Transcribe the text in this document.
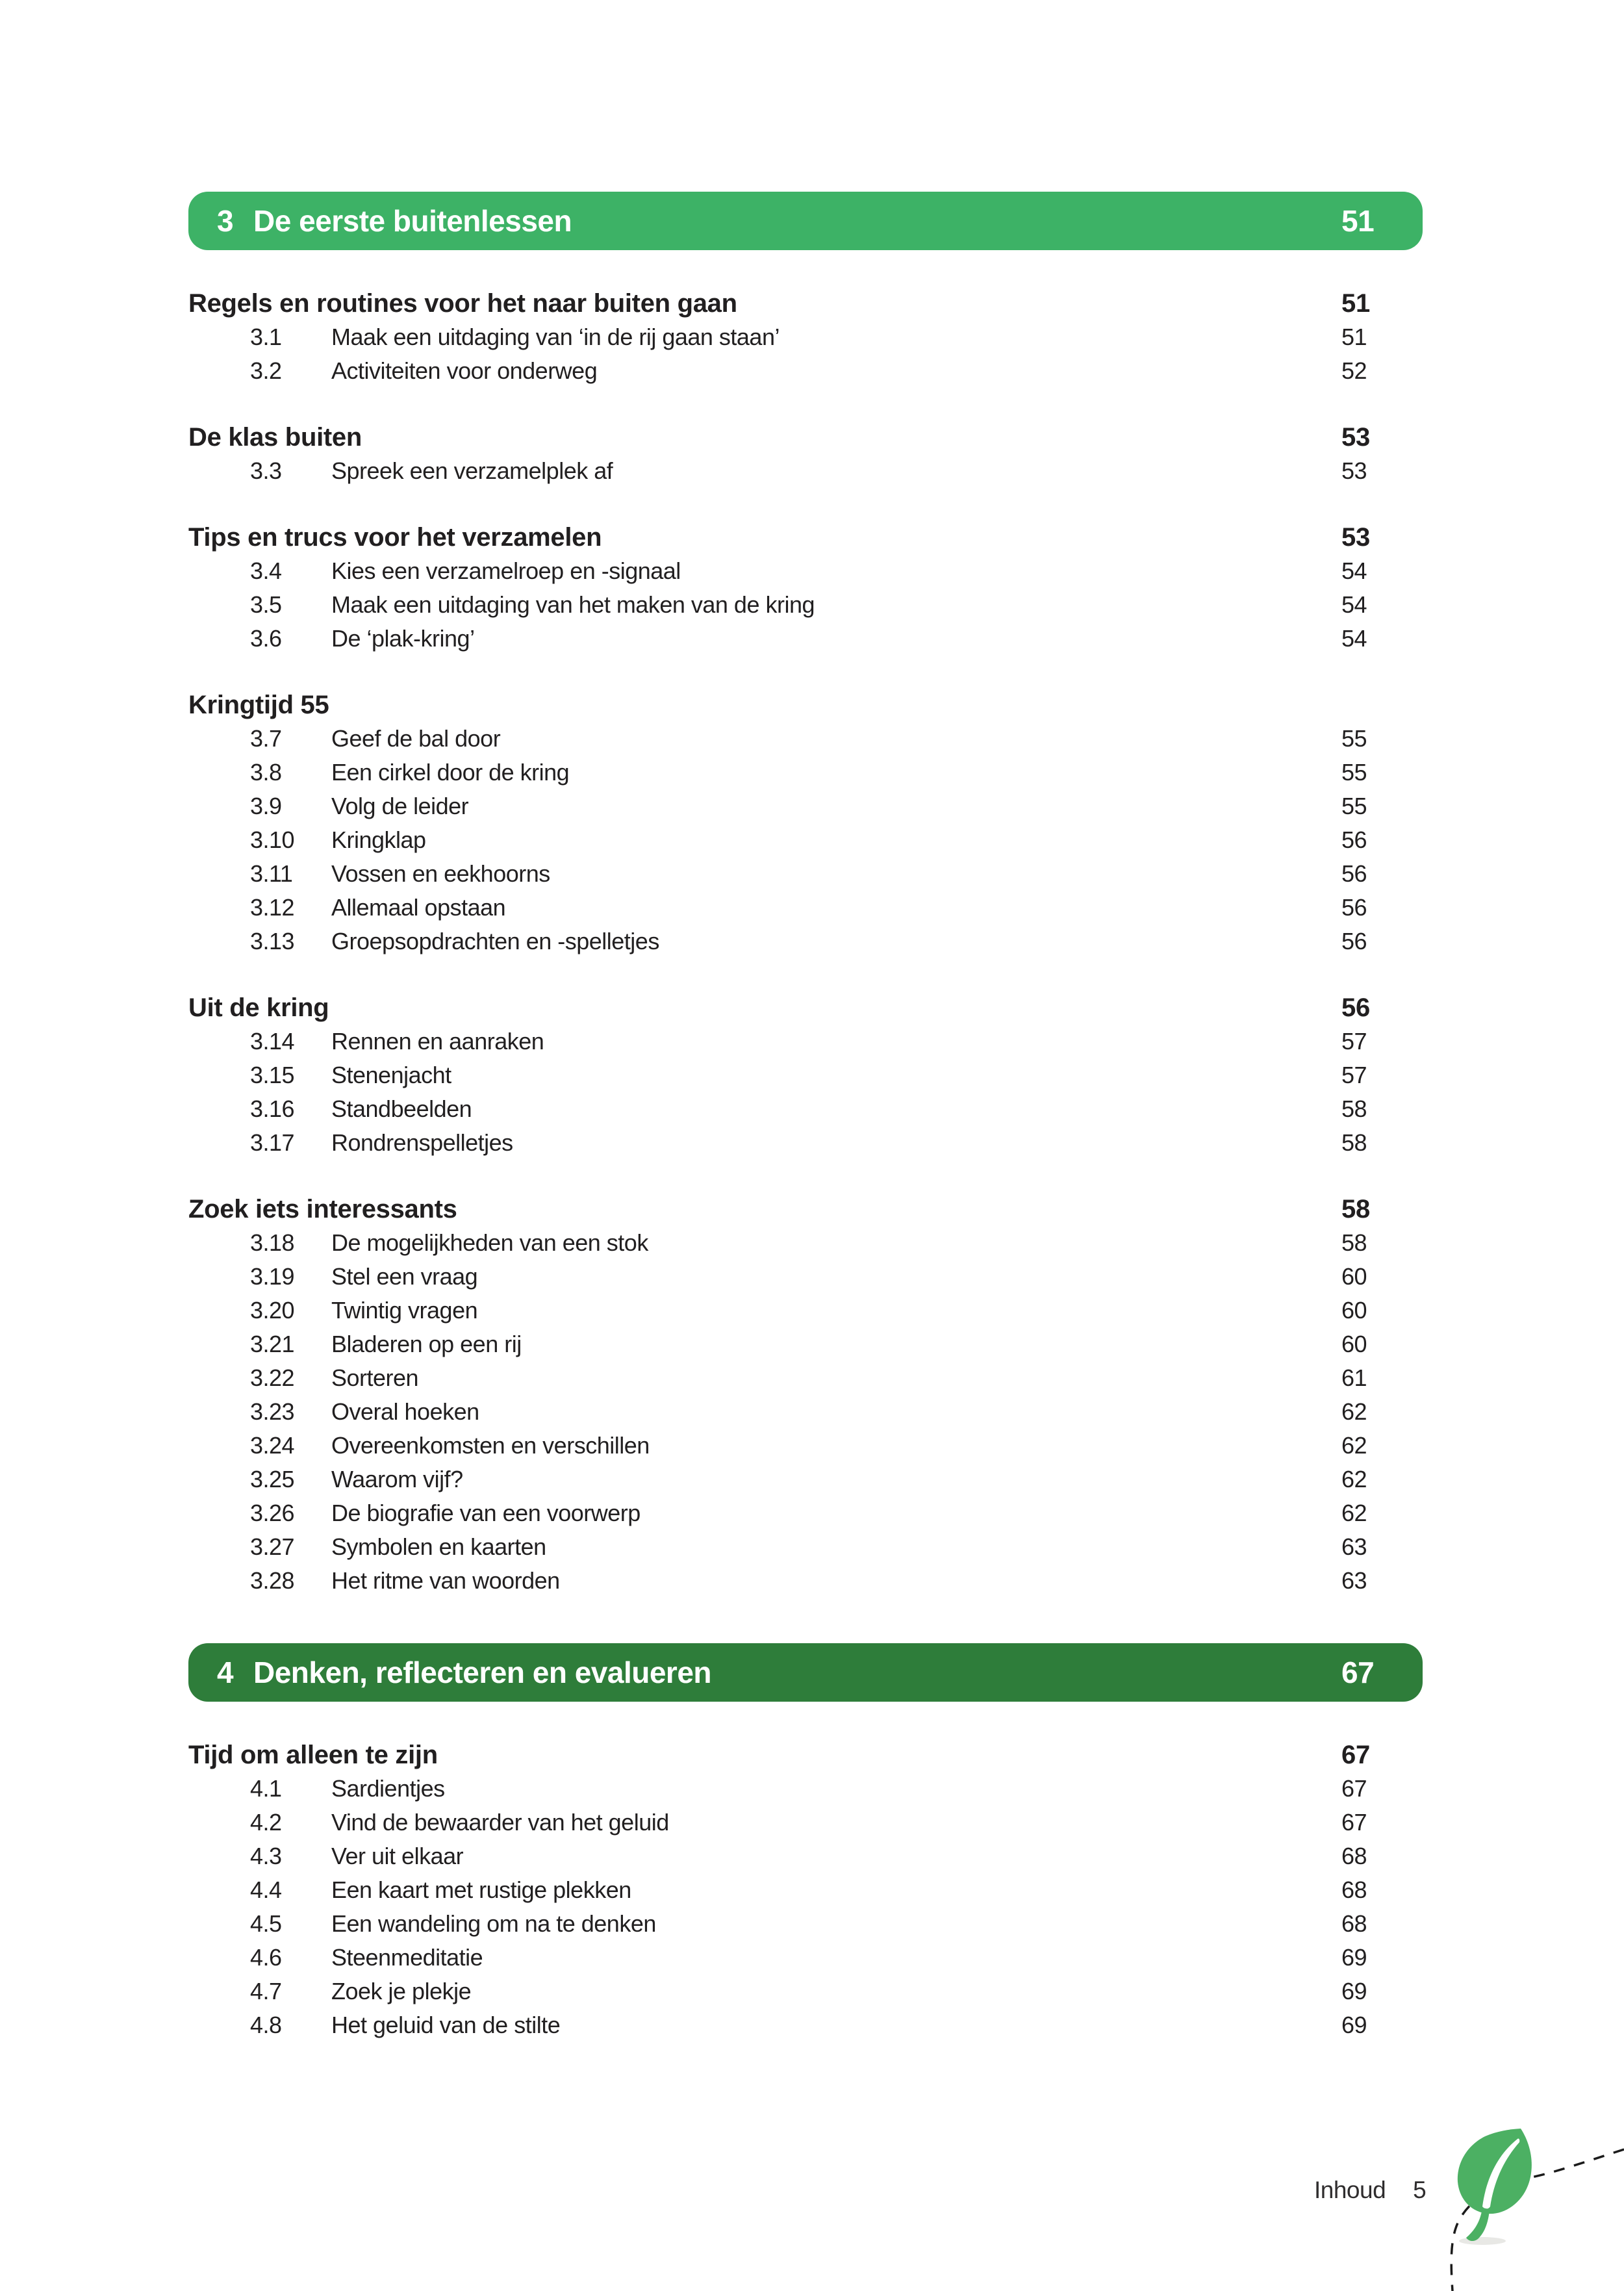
3 De eerste buitenlessen	51
Regels en routines voor het naar buiten gaan	51
3.1	Maak een uitdaging van ‘in de rij gaan staan’	51
3.2	Activiteiten voor onderweg	52
De klas buiten	53
3.3	Spreek een verzamelplek af	53
Tips en trucs voor het verzamelen	53
3.4	Kies een verzamelroep en -signaal	54
3.5	Maak een uitdaging van het maken van de kring	54
3.6	De ‘plak-kring’	54
Kringtijd 55
3.7	Geef de bal door	55
3.8	Een cirkel door de kring	55
3.9	Volg de leider	55
3.10	Kringklap	56
3.11	Vossen en eekhoorns	56
3.12	Allemaal opstaan	56
3.13	Groepsopdrachten en -spelletjes	56
Uit de kring	56
3.14	Rennen en aanraken	57
3.15	Stenenjacht	57
3.16	Standbeelden	58
3.17	Rondrenspelletjes	58
Zoek iets interessants	58
3.18	De mogelijkheden van een stok	58
3.19	Stel een vraag	60
3.20	Twintig vragen	60
3.21	Bladeren op een rij	60
3.22	Sorteren	61
3.23	Overal hoeken	62
3.24	Overeenkomsten en verschillen	62
3.25	Waarom vijf?	62
3.26	De biografie van een voorwerp	62
3.27	Symbolen en kaarten	63
3.28	Het ritme van woorden	63
4 Denken, reflecteren en evalueren	67
Tijd om alleen te zijn	67
4.1	Sardientjes	67
4.2	Vind de bewaarder van het geluid	67
4.3	Ver uit elkaar	68
4.4	Een kaart met rustige plekken	68
4.5	Een wandeling om na te denken	68
4.6	Steenmeditatie	69
4.7	Zoek je plekje	69
4.8	Het geluid van de stilte	69
Inhoud 5
